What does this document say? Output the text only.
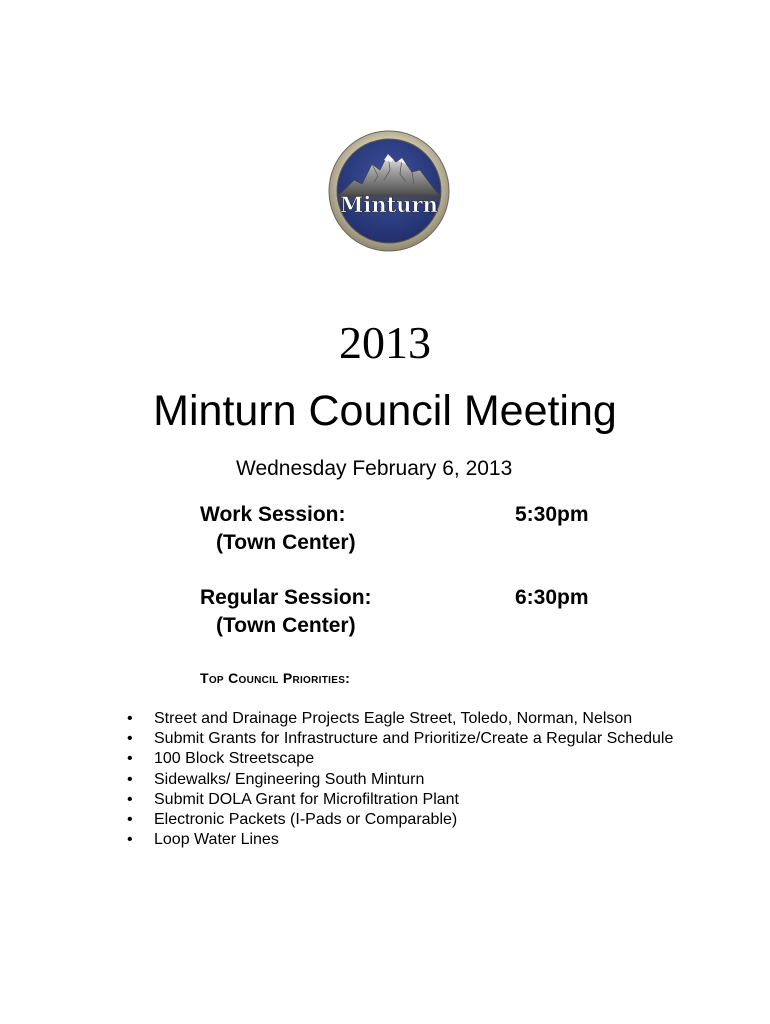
Minturn
2013
Minturn Council Meeting
Wednesday February 6, 2013
Work Session:
(Town Center)
5:30pm
Regular Session:
(Town Center)
6:30pm
Top Council Priorities:
• Street and Drainage Projects Eagle Street, Toledo, Norman, Nelson
• Submit Grants for Infrastructure and Prioritize/Create a Regular Schedule
• 100 Block Streetscape
• Sidewalks/ Engineering South Minturn
• Submit DOLA Grant for Microfiltration Plant
• Electronic Packets (I-Pads or Comparable)
• Loop Water Lines
